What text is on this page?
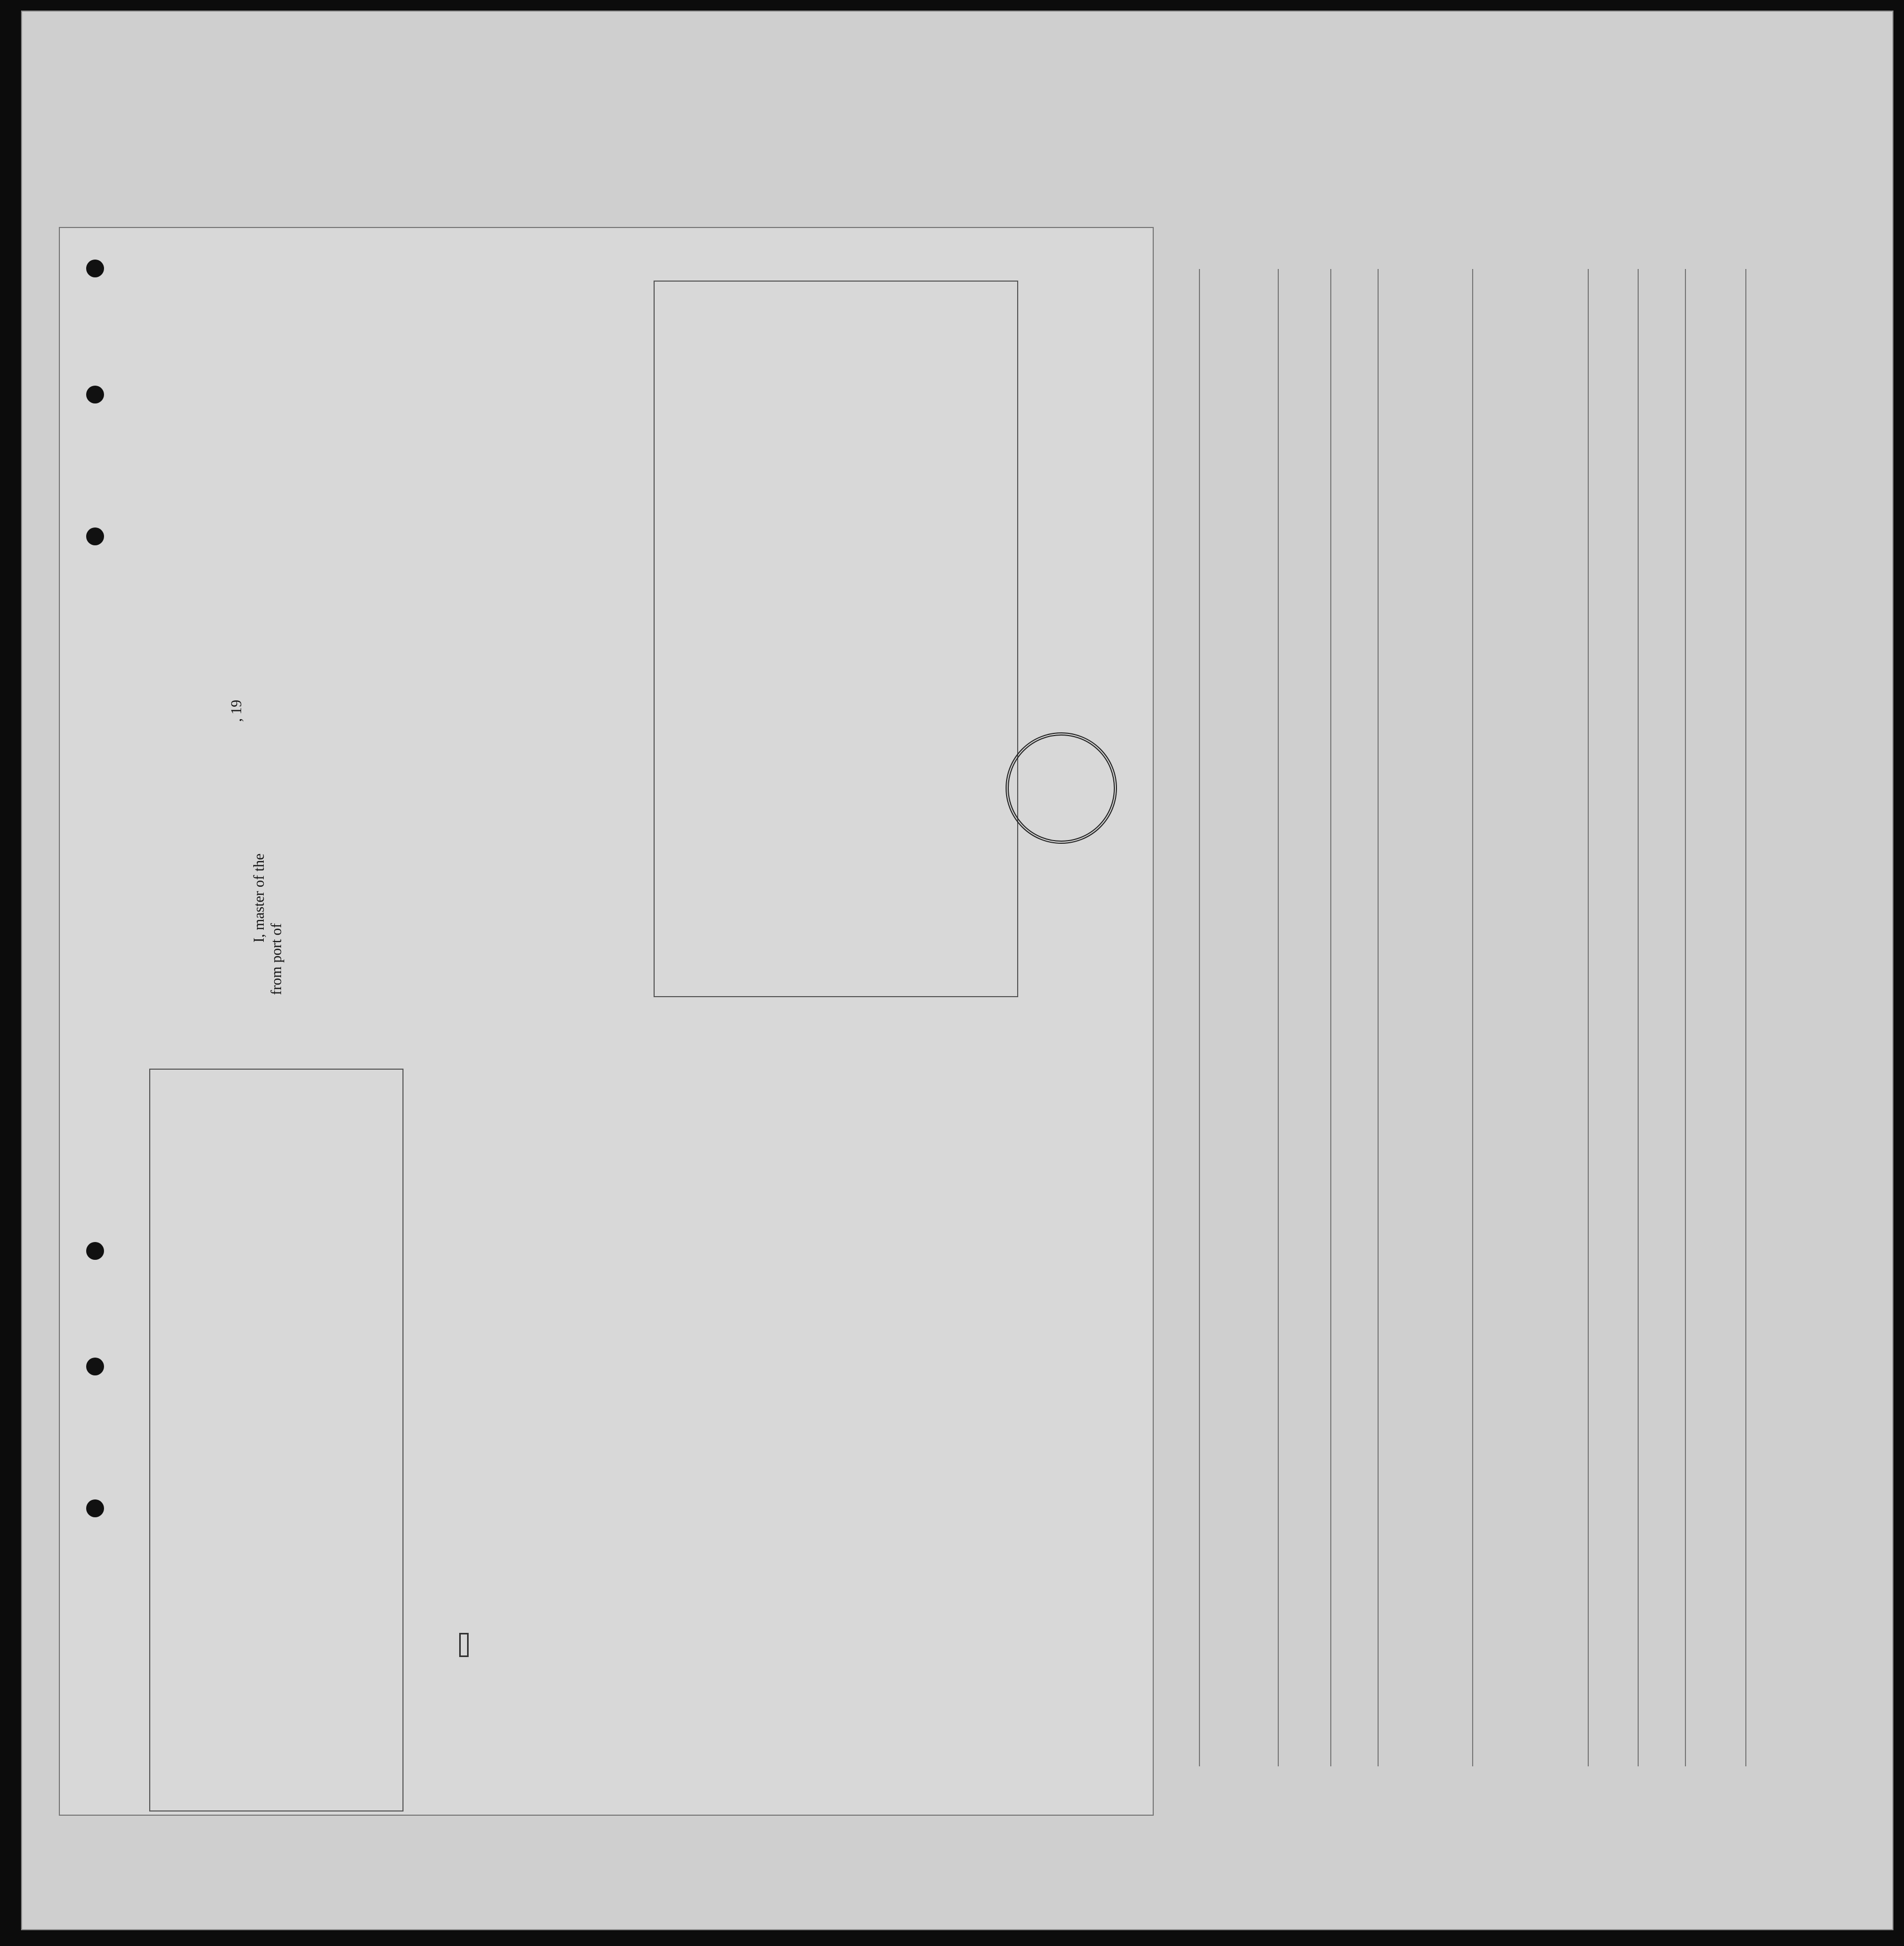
, 19
I, master of the
from port of
